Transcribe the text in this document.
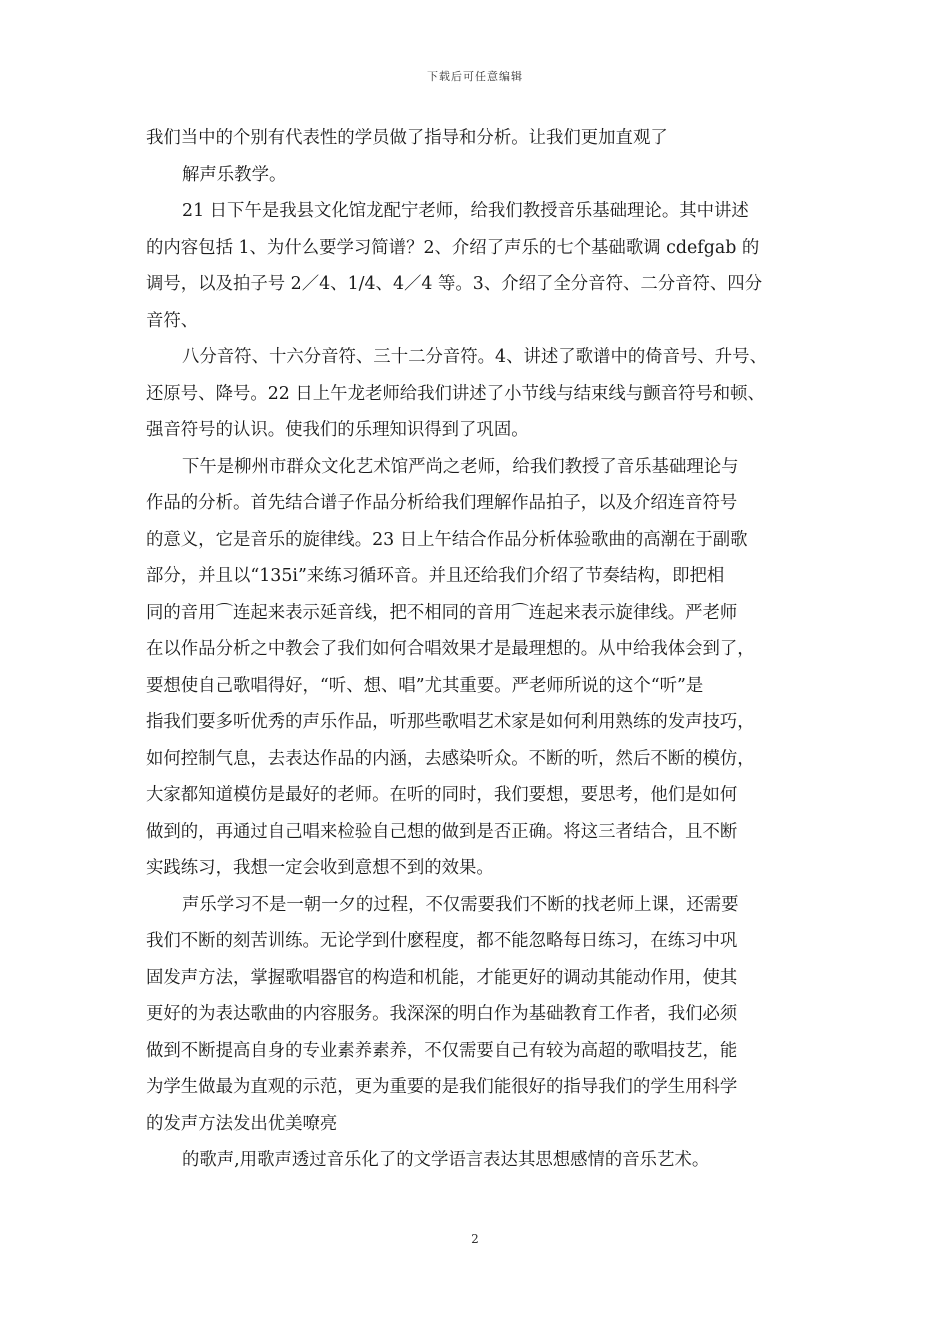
下载后可任意编辑
我们当中的个别有代表性的学员做了指导和分析。让我们更加直观了
解声乐教学。
21 日下午是我县文化馆龙配宁老师，给我们教授音乐基础理论。其中讲述
的内容包括 1、为什么要学习简谱？2、介绍了声乐的七个基础歌调 cdefgab 的
调号，以及拍子号 2／4、1/4、4／4 等。3、介绍了全分音符、二分音符、四分
音符、
八分音符、十六分音符、三十二分音符。4、讲述了歌谱中的倚音号、升号、
还原号、降号。22 日上午龙老师给我们讲述了小节线与结束线与颤音符号和顿、
强音符号的认识。使我们的乐理知识得到了巩固。
下午是柳州市群众文化艺术馆严尚之老师，给我们教授了音乐基础理论与
作品的分析。首先结合谱子作品分析给我们理解作品拍子，以及介绍连音符号
的意义，它是音乐的旋律线。23 日上午结合作品分析体验歌曲的高潮在于副歌
部分，并且以“135i”来练习循环音。并且还给我们介绍了节奏结构，即把相
同的音用⌒连起来表示延音线，把不相同的音用⌒连起来表示旋律线。严老师
在以作品分析之中教会了我们如何合唱效果才是最理想的。从中给我体会到了，
要想使自己歌唱得好，“听、想、唱”尤其重要。严老师所说的这个“听”是
指我们要多听优秀的声乐作品，听那些歌唱艺术家是如何利用熟练的发声技巧，
如何控制气息，去表达作品的内涵，去感染听众。不断的听，然后不断的模仿，
大家都知道模仿是最好的老师。在听的同时，我们要想，要思考，他们是如何
做到的，再通过自己唱来检验自己想的做到是否正确。将这三者结合，且不断
实践练习，我想一定会收到意想不到的效果。
声乐学习不是一朝一夕的过程，不仅需要我们不断的找老师上课，还需要
我们不断的刻苦训练。无论学到什麽程度，都不能忽略每日练习，在练习中巩
固发声方法，掌握歌唱器官的构造和机能，才能更好的调动其能动作用，使其
更好的为表达歌曲的内容服务。我深深的明白作为基础教育工作者，我们必须
做到不断提高自身的专业素养素养，不仅需要自己有较为高超的歌唱技艺，能
为学生做最为直观的示范，更为重要的是我们能很好的指导我们的学生用科学
的发声方法发出优美嘹亮
的歌声,用歌声透过音乐化了的文学语言表达其思想感情的音乐艺术。
2
